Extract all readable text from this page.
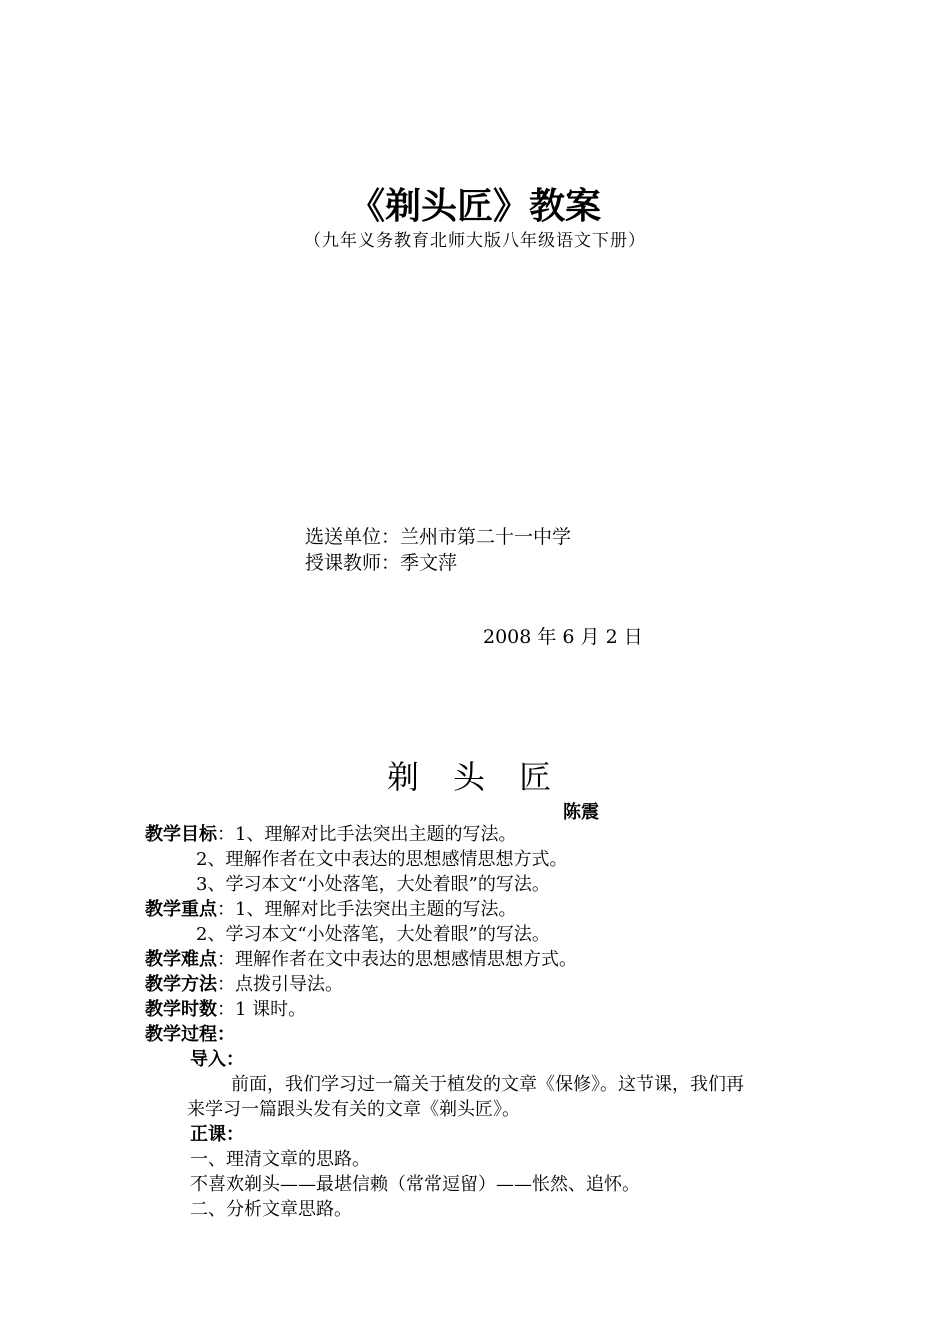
《剃头匠》教案
（九年义务教育北师大版八年级语文下册）
选送单位：兰州市第二十一中学
授课教师：季文萍
2008 年 6 月 2 日
剃 头 匠
陈震
教学目标：1、理解对比手法突出主题的写法。
2、理解作者在文中表达的思想感情思想方式。
3、学习本文“小处落笔，大处着眼”的写法。
教学重点：1、理解对比手法突出主题的写法。
2、学习本文“小处落笔，大处着眼”的写法。
教学难点：理解作者在文中表达的思想感情思想方式。
教学方法：点拨引导法。
教学时数：1 课时。
教学过程：
导入：
前面，我们学习过一篇关于植发的文章《保修》。这节课，我们再
来学习一篇跟头发有关的文章《剃头匠》。
正课：
一、理清文章的思路。
不喜欢剃头——最堪信赖（常常逗留）——怅然、追怀。
二、分析文章思路。
